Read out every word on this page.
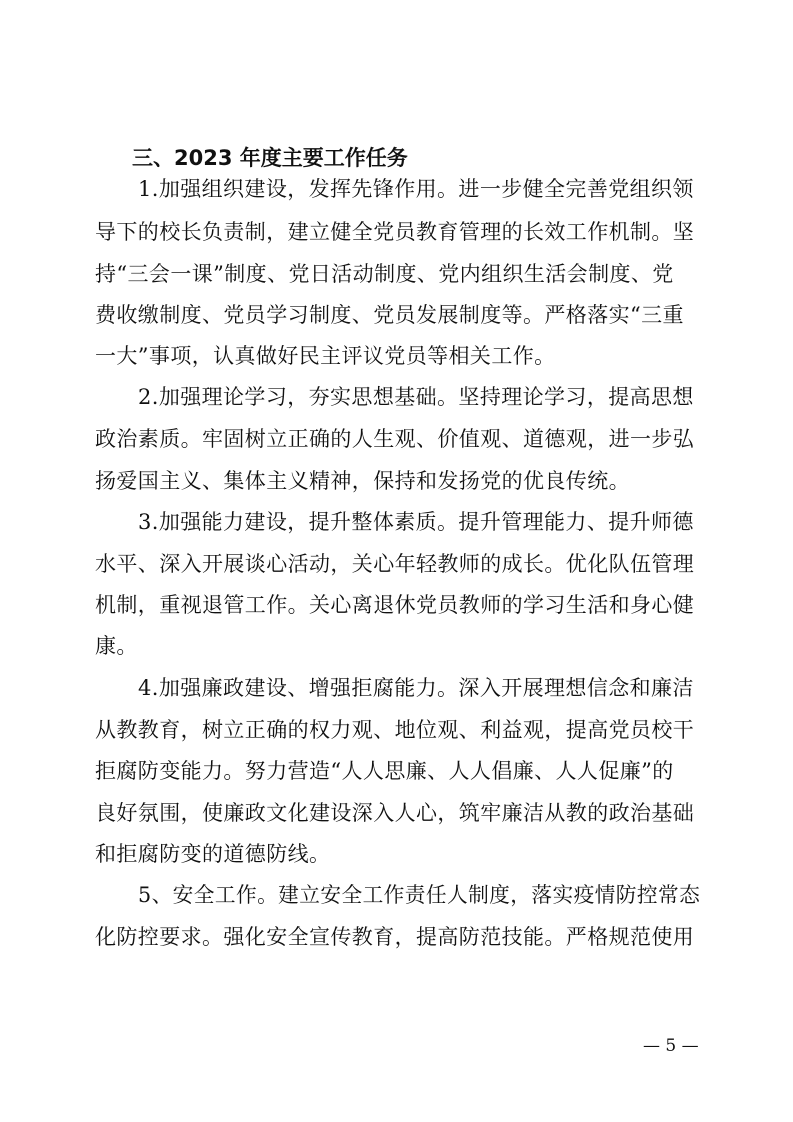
三、2023 年度主要工作任务
1.加强组织建设，发挥先锋作用。进一步健全完善党组织领
导下的校长负责制，建立健全党员教育管理的长效工作机制。坚
持“三会一课”制度、党日活动制度、党内组织生活会制度、党
费收缴制度、党员学习制度、党员发展制度等。严格落实“三重
一大”事项，认真做好民主评议党员等相关工作。
2.加强理论学习，夯实思想基础。坚持理论学习，提高思想
政治素质。牢固树立正确的人生观、价值观、道德观，进一步弘
扬爱国主义、集体主义精神，保持和发扬党的优良传统。
3.加强能力建设，提升整体素质。提升管理能力、提升师德
水平、深入开展谈心活动，关心年轻教师的成长。优化队伍管理
机制，重视退管工作。关心离退休党员教师的学习生活和身心健
康。
4.加强廉政建设、增强拒腐能力。深入开展理想信念和廉洁
从教教育，树立正确的权力观、地位观、利益观，提高党员校干
拒腐防变能力。努力营造“人人思廉、人人倡廉、人人促廉”的
良好氛围，使廉政文化建设深入人心，筑牢廉洁从教的政治基础
和拒腐防变的道德防线。
5、安全工作。建立安全工作责任人制度，落实疫情防控常态
化防控要求。强化安全宣传教育，提高防范技能。严格规范使用
— 5 —
